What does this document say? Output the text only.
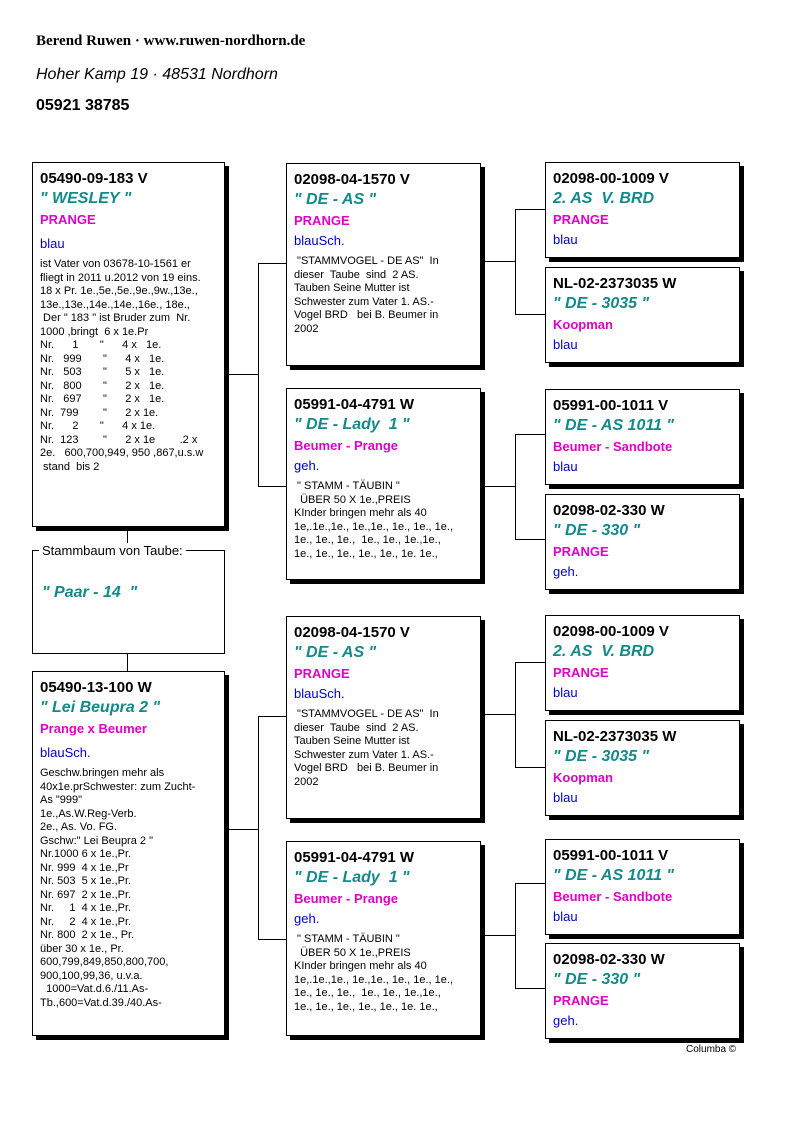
Berend Ruwen · www.ruwen-nordhorn.de
Hoher Kamp 19 · 48531 Nordhorn
05921 38785
Stammbaum von Taube:
" Paar - 14  "
05490-09-183 V
" WESLEY "
PRANGE
blau
ist Vater von 03678-10-1561 er
fliegt in 2011 u.2012 von 19 eins.
18 x Pr. 1e.,5e.,5e.,9e.,9w.,13e.,
13e.,13e.,14e.,14e.,16e., 18e.,
Der " 183 " ist Bruder zum  Nr.
1000 ,bringt  6 x 1e.Pr
Nr.      1       "      4 x   1e.
Nr.   999       "      4 x   1e.
Nr.   503       "      5 x   1e.
Nr.   800       "      2 x   1e.
Nr.   697       "      2 x   1e.
Nr.  799        "      2 x 1e.
Nr.      2       "      4 x 1e.
Nr.  123        "      2 x 1e        .2 x
2e.   600,700,949, 950 ,867,u.s.w
stand  bis 2
05490-13-100 W
" Lei Beupra 2 "
Prange x Beumer
blauSch.
Geschw.bringen mehr als
40x1e.prSchwester: zum Zucht-
As "999"
1e.,As.W.Reg-Verb.
2e., As. Vo. FG.
Gschw:" Lei Beupra 2 "
Nr.1000 6 x 1e.,Pr.
Nr. 999  4 x 1e.,Pr
Nr. 503  5 x 1e.,Pr.
Nr. 697  2 x 1e.,Pr.
Nr.     1  4 x 1e.,Pr.
Nr.     2  4 x 1e.,Pr.
Nr. 800  2 x 1e., Pr.
über 30 x 1e., Pr.
600,799,849,850,800,700,
900,100,99,36, u.v.a.
1000=Vat.d.6./11.As-
Tb.,600=Vat.d.39./40.As-
02098-04-1570 V
" DE - AS "
PRANGE
blauSch.
"STAMMVOGEL - DE AS"  In
dieser  Taube  sind  2 AS.
Tauben Seine Mutter ist
Schwester zum Vater 1. AS.-
Vogel BRD   bei B. Beumer in
2002
05991-04-4791 W
" DE - Lady  1 "
Beumer - Prange
geh.
" STAMM - TÄUBIN "
ÜBER 50 X 1e.,PREIS
KInder bringen mehr als 40
1e,.1e.,1e., 1e.,1e., 1e., 1e., 1e.,
1e., 1e., 1e.,  1e., 1e., 1e.,1e.,
1e., 1e., 1e., 1e., 1e., 1e. 1e.,
02098-04-1570 V
" DE - AS "
PRANGE
blauSch.
"STAMMVOGEL - DE AS"  In
dieser  Taube  sind  2 AS.
Tauben Seine Mutter ist
Schwester zum Vater 1. AS.-
Vogel BRD   bei B. Beumer in
2002
05991-04-4791 W
" DE - Lady  1 "
Beumer - Prange
geh.
" STAMM - TÄUBIN "
ÜBER 50 X 1e.,PREIS
KInder bringen mehr als 40
1e,.1e.,1e., 1e.,1e., 1e., 1e., 1e.,
1e., 1e., 1e.,  1e., 1e., 1e.,1e.,
1e., 1e., 1e., 1e., 1e., 1e. 1e.,
02098-00-1009 V
2. AS  V. BRD
PRANGE
blau
NL-02-2373035 W
" DE - 3035 "
Koopman
blau
05991-00-1011 V
" DE - AS 1011 "
Beumer - Sandbote
blau
02098-02-330 W
" DE - 330 "
PRANGE
geh.
02098-00-1009 V
2. AS  V. BRD
PRANGE
blau
NL-02-2373035 W
" DE - 3035 "
Koopman
blau
05991-00-1011 V
" DE - AS 1011 "
Beumer - Sandbote
blau
02098-02-330 W
" DE - 330 "
PRANGE
geh.
Columba ©
